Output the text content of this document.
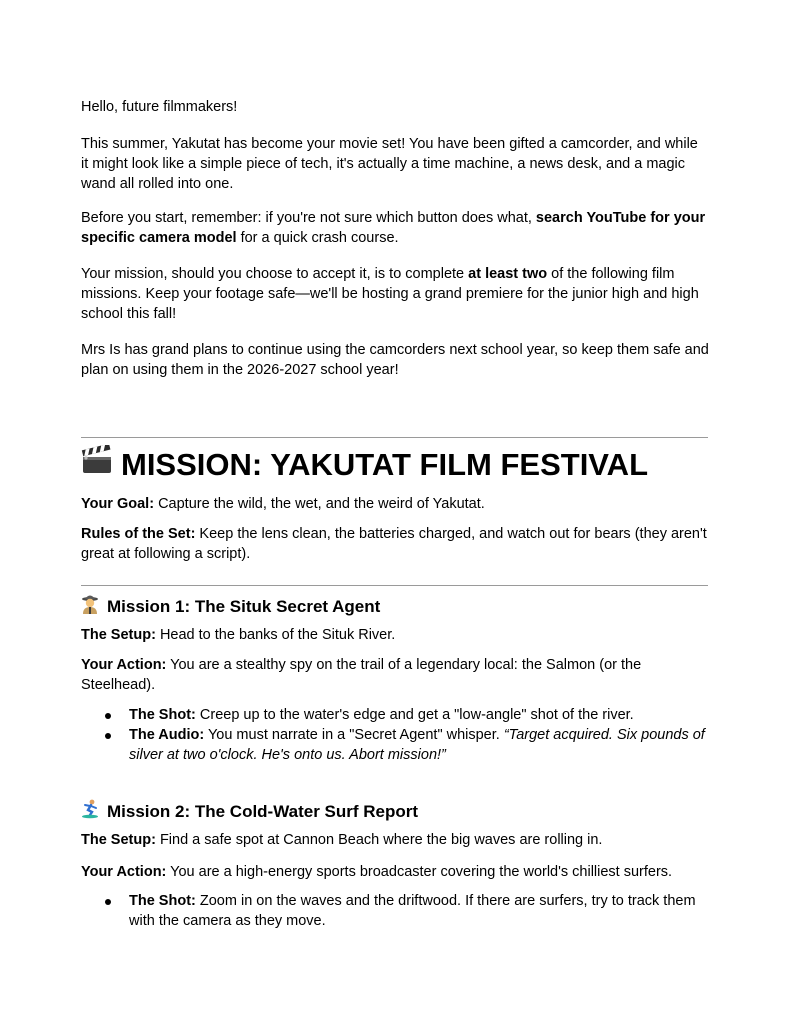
Hello, future filmmakers!

This summer, Yakutat has become your movie set! You have been gifted a camcorder, and while it might look like a simple piece of tech, it's actually a time machine, a news desk, and a magic wand all rolled into one.

Before you start, remember: if you're not sure which button does what, search YouTube for your specific camera model for a quick crash course.

Your mission, should you choose to accept it, is to complete at least two of the following film missions. Keep your footage safe—we'll be hosting a grand premiere for the junior high and high school this fall!

Mrs Is has grand plans to continue using the camcorders next school year, so keep them safe and plan on using them in the 2026-2027 school year!

MISSION: YAKUTAT FILM FESTIVAL

Your Goal: Capture the wild, the wet, and the weird of Yakutat.

Rules of the Set: Keep the lens clean, the batteries charged, and watch out for bears (they aren't great at following a script).

Mission 1: The Situk Secret Agent

The Setup: Head to the banks of the Situk River.

Your Action: You are a stealthy spy on the trail of a legendary local: the Salmon (or the Steelhead).

The Shot: Creep up to the water's edge and get a "low-angle" shot of the river.
The Audio: You must narrate in a "Secret Agent" whisper. “Target acquired. Six pounds of silver at two o'clock. He's onto us. Abort mission!”
Mission 2: The Cold-Water Surf Report

The Setup: Find a safe spot at Cannon Beach where the big waves are rolling in.

Your Action: You are a high-energy sports broadcaster covering the world's chilliest surfers.

The Shot: Zoom in on the waves and the driftwood. If there are surfers, try to track them with the camera as they move.
